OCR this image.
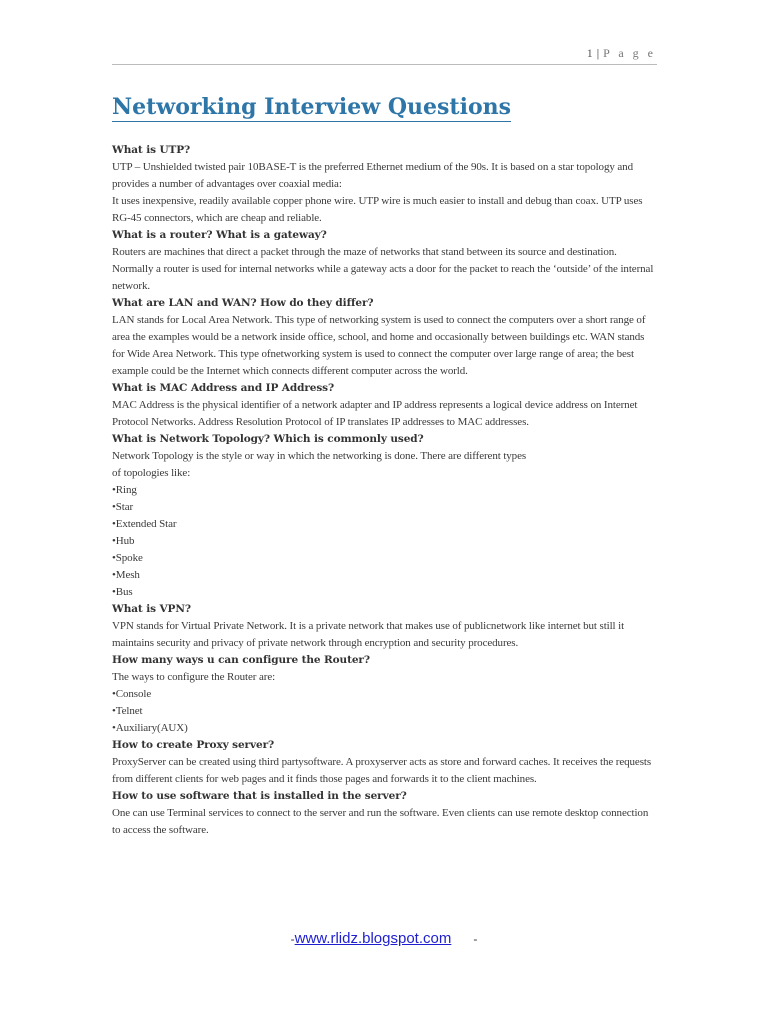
1 | P a g e
Networking Interview Questions
What is UTP?
UTP – Unshielded twisted pair 10BASE-T is the preferred Ethernet medium of the 90s. It is based on a star topology and provides a number of advantages over coaxial media:
It uses inexpensive, readily available copper phone wire. UTP wire is much easier to install and debug than coax. UTP uses RG-45 connectors, which are cheap and reliable.
What is a router? What is a gateway?
Routers are machines that direct a packet through the maze of networks that stand between its source and destination. Normally a router is used for internal networks while a gateway acts a door for the packet to reach the ‘outside’ of the internal network.
What are LAN and WAN? How do they differ?
LAN stands for Local Area Network. This type of networking system is used to connect the computers over a short range of area the examples would be a network inside office, school, and home and occasionally between buildings etc. WAN stands for Wide Area Network. This type ofnetworking system is used to connect the computer over large range of area; the best example could be the Internet which connects different computer across the world.
What is MAC Address and IP Address?
MAC Address is the physical identifier of a network adapter and IP address represents a logical device address on Internet Protocol Networks. Address Resolution Protocol of IP translates IP addresses to MAC addresses.
What is Network Topology? Which is commonly used?
Network Topology is the style or way in which the networking is done. There are different types
of topologies like:
• Ring
• Star
• Extended Star
• Hub
• Spoke
• Mesh
• Bus
What is VPN?
VPN stands for Virtual Private Network. It is a private network that makes use of publicnetwork like internet but still it maintains security and privacy of private network through encryption and security procedures.
How many ways u can configure the Router?
The ways to configure the Router are:
• Console
• Telnet
• Auxiliary(AUX)
How to create Proxy server?
ProxyServer can be created using third partysoftware. A proxyserver acts as store and forward caches. It receives the requests from different clients for web pages and it finds those pages and forwards it to the client machines.
How to use software that is installed in the server?
One can use Terminal services to connect to the server and run the software. Even clients can use remote desktop connection to access the software.
-www.rlidz.blogspot.com -
